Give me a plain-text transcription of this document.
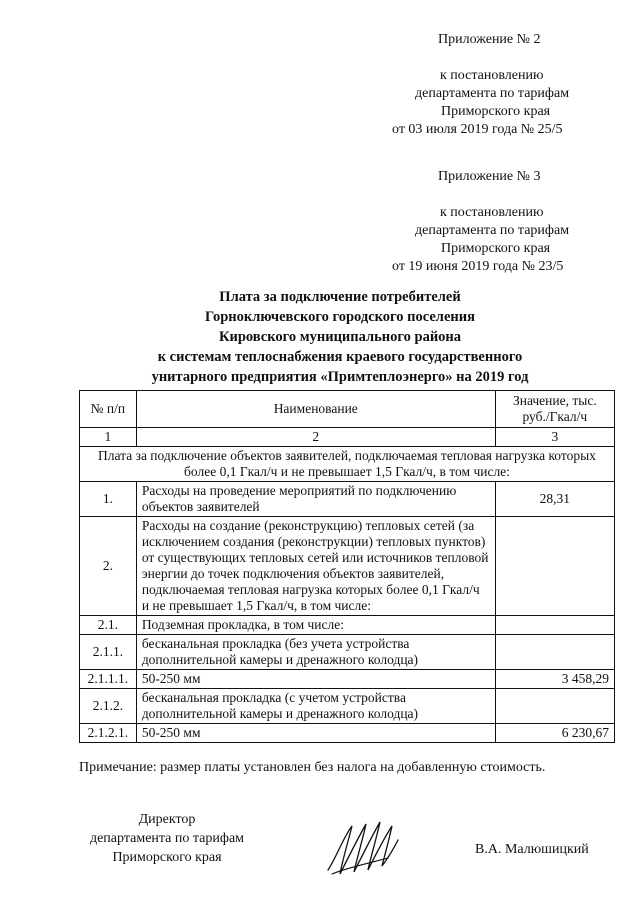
Приложение № 2
к постановлению
департамента по тарифам
Приморского края
от 03 июля 2019 года № 25/5
Приложение № 3
к постановлению
департамента по тарифам
Приморского края
от 19 июня 2019 года № 23/5
Плата за подключение потребителей
Горноключевского городского поселения
Кировского муниципального района
к системам теплоснабжения краевого государственного
унитарного предприятия «Примтеплоэнерго» на 2019 год
№ п/п	Наименование	Значение, тыс. руб./Гкал/ч
1	2	3
Плата за подключение объектов заявителей, подключаемая тепловая нагрузка которых более 0,1 Гкал/ч и не превышает 1,5 Гкал/ч, в том числе:		
1.	Расходы на проведение мероприятий по подключению объектов заявителей	28,31
2.	Расходы на создание (реконструкцию) тепловых сетей (за исключением создания (реконструкции) тепловых пунктов) от существующих тепловых сетей или источников тепловой энергии до точек подключения объектов заявителей, подключаемая тепловая нагрузка которых более 0,1 Гкал/ч и не превышает 1,5 Гкал/ч, в том числе:	
2.1.	Подземная прокладка, в том числе:	
2.1.1.	бесканальная прокладка (без учета устройства дополнительной камеры и дренажного колодца)	
2.1.1.1.	50-250 мм	3 458,29
2.1.2.	бесканальная прокладка (с учетом устройства дополнительной камеры и дренажного колодца)	
2.1.2.1.	50-250 мм	6 230,67
Примечание: размер платы установлен без налога на добавленную стоимость.
Директор
департамента по тарифам
Приморского края
В.А. Малюшицкий
